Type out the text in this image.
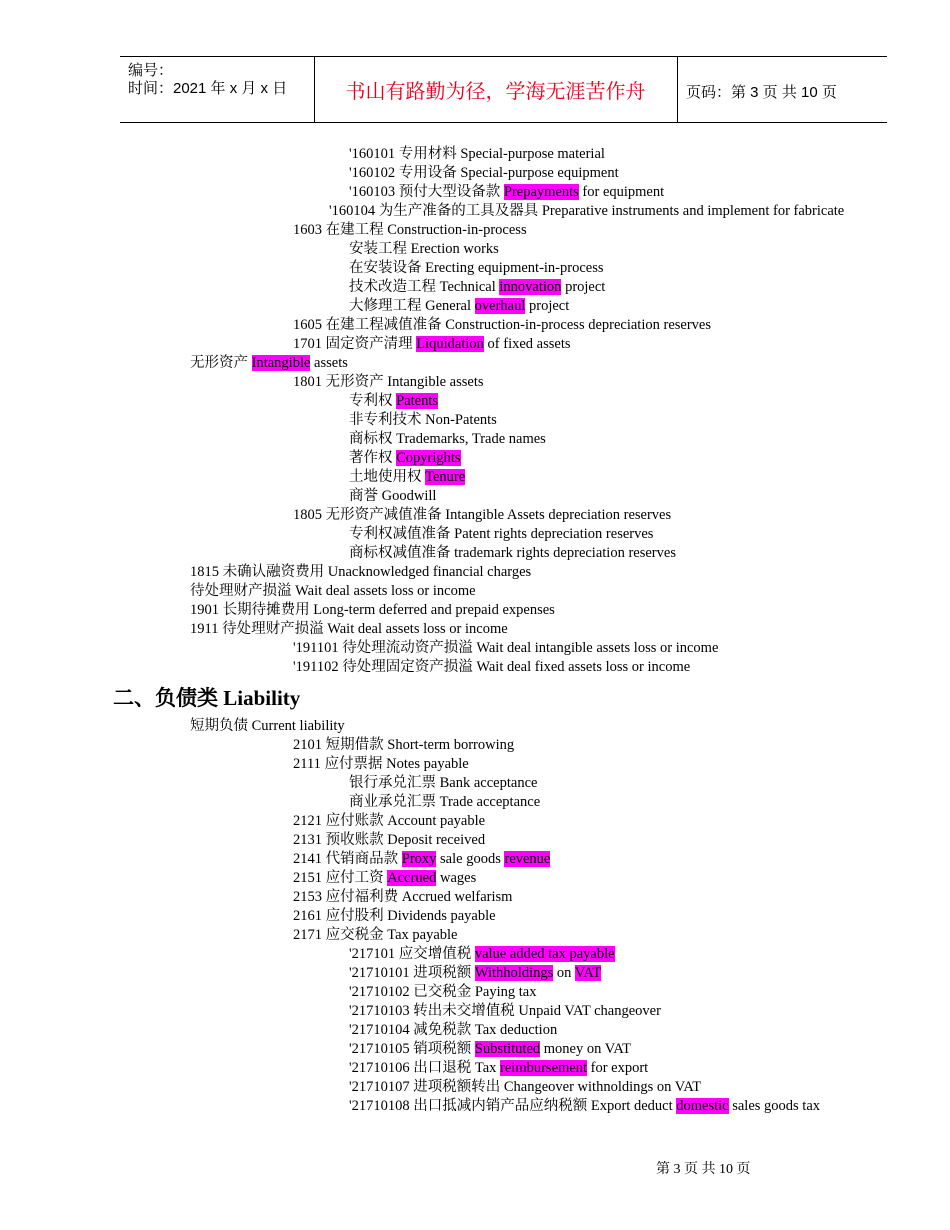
编号：
时间：2021 年 x 月 x 日	书山有路勤为径，学海无涯苦作舟	页码：第 3 页 共 10 页
'160101 专用材料 Special-purpose material
'160102 专用设备 Special-purpose equipment
'160103 预付大型设备款 Prepayments for equipment
'160104 为生产准备的工具及器具 Preparative instruments and implement for fabricate
1603 在建工程 Construction-in-process
安装工程 Erection works
在安装设备 Erecting equipment-in-process
技术改造工程 Technical innovation project
大修理工程 General overhaul project
1605 在建工程减值准备 Construction-in-process depreciation reserves
1701 固定资产清理 Liquidation of fixed assets
无形资产 Intangible assets
1801 无形资产 Intangible assets
专利权 Patents
非专利技术 Non-Patents
商标权 Trademarks, Trade names
著作权 Copyrights
土地使用权 Tenure
商誉 Goodwill
1805 无形资产减值准备 Intangible Assets depreciation reserves
专利权减值准备 Patent rights depreciation reserves
商标权减值准备 trademark rights depreciation reserves
1815 未确认融资费用 Unacknowledged financial charges
待处理财产损溢 Wait deal assets loss or income
1901 长期待摊费用 Long-term deferred and prepaid expenses
1911 待处理财产损溢 Wait deal assets loss or income
'191101 待处理流动资产损溢 Wait deal intangible assets loss or income
'191102 待处理固定资产损溢 Wait deal fixed assets loss or income
二、负债类 Liability
短期负债 Current liability
2101 短期借款 Short-term borrowing
2111 应付票据 Notes payable
银行承兑汇票 Bank acceptance
商业承兑汇票 Trade acceptance
2121 应付账款 Account payable
2131 预收账款 Deposit received
2141 代销商品款 Proxy sale goods revenue
2151 应付工资 Accrued wages
2153 应付福利费 Accrued welfarism
2161 应付股利 Dividends payable
2171 应交税金 Tax payable
'217101 应交增值税 value added tax payable
'21710101 进项税额 Withholdings on VAT
'21710102 已交税金 Paying tax
'21710103 转出未交增值税 Unpaid VAT changeover
'21710104 减免税款 Tax deduction
'21710105 销项税额 Substituted money on VAT
'21710106 出口退税 Tax reimbursement for export
'21710107 进项税额转出 Changeover withnoldings on VAT
'21710108 出口抵减内销产品应纳税额 Export deduct domestic sales goods tax
第 3 页 共 10 页
